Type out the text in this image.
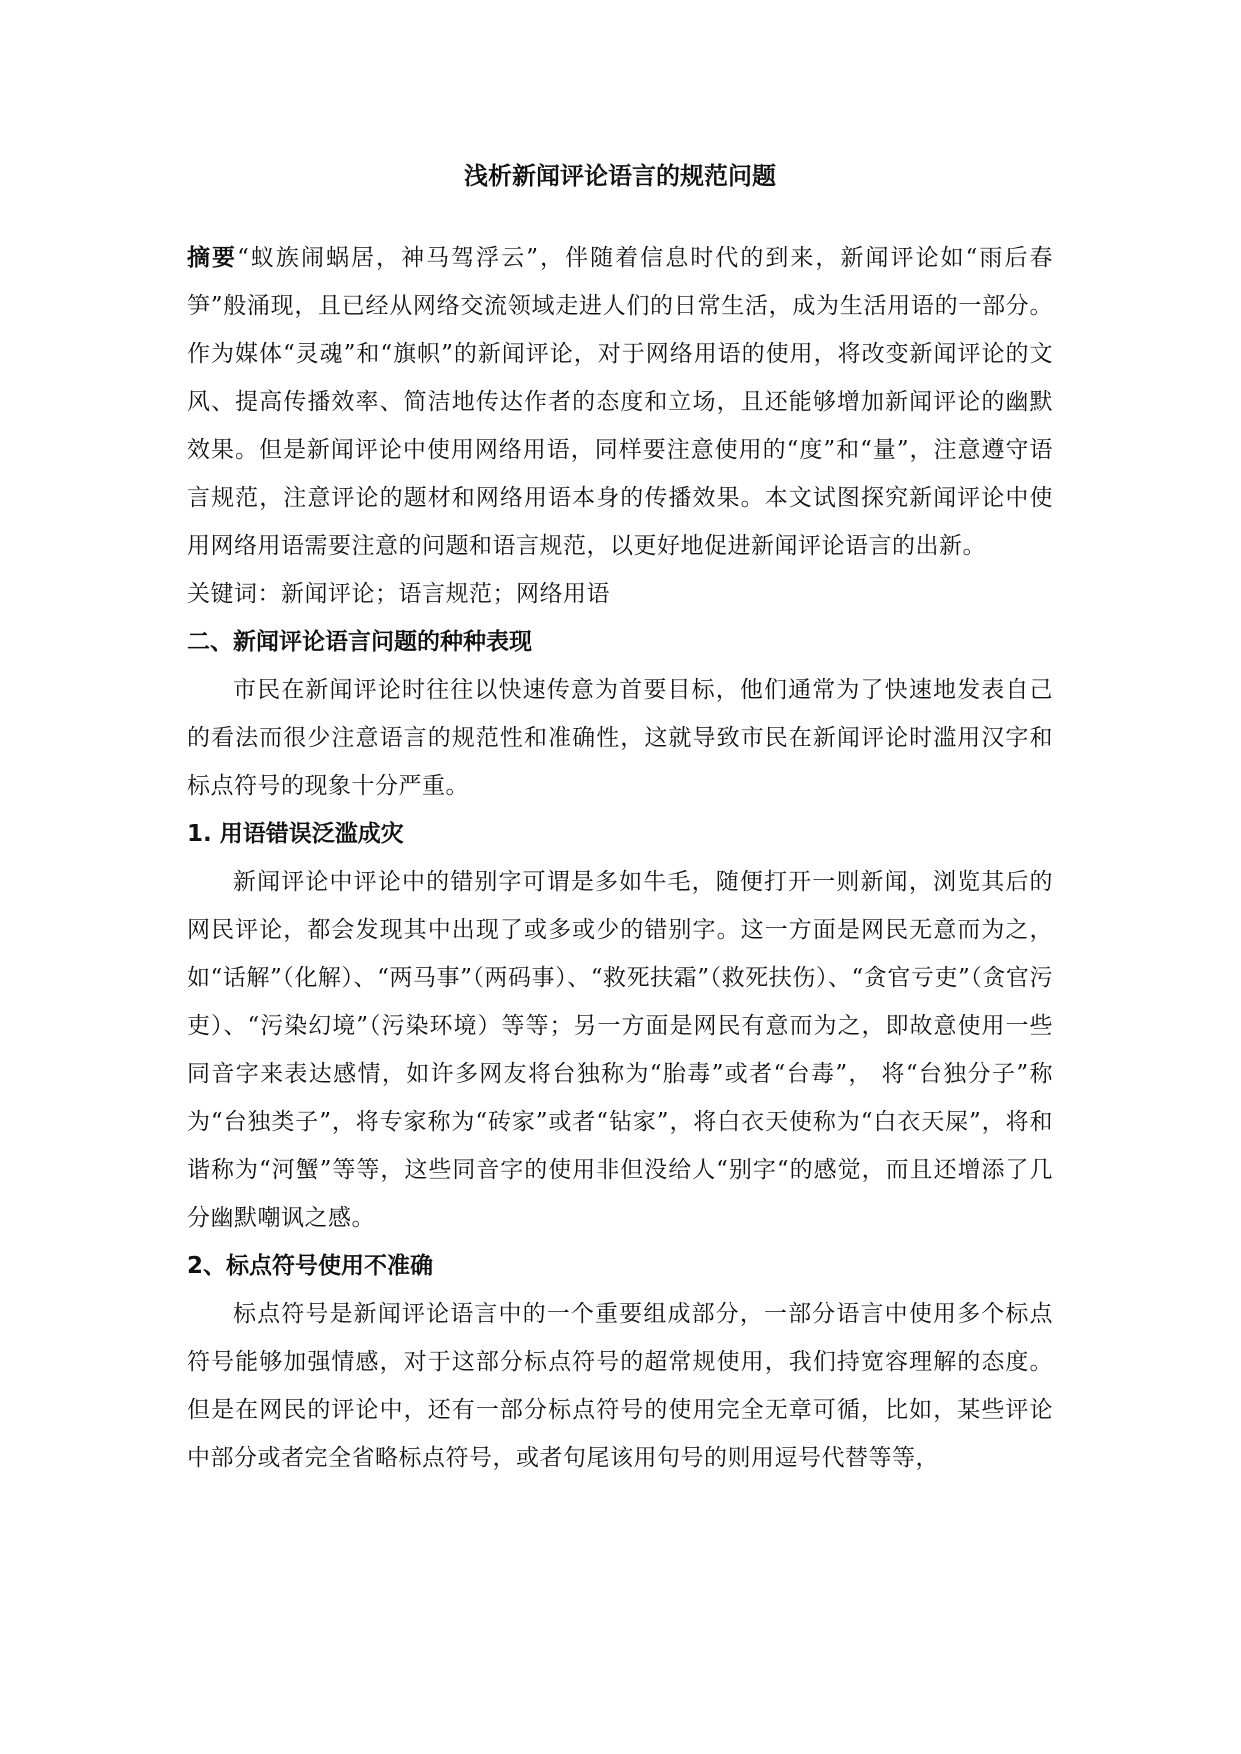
浅析新闻评论语言的规范问题

摘要“蚁族闹蜗居，神马驾浮云”，伴随着信息时代的到来，新闻评论如“雨后春笋”般涌现，且已经从网络交流领域走进人们的日常生活，成为生活用语的一部分。作为媒体“灵魂”和“旗帜”的新闻评论，对于网络用语的使用，将改变新闻评论的文风、提高传播效率、简洁地传达作者的态度和立场，且还能够增加新闻评论的幽默效果。但是新闻评论中使用网络用语，同样要注意使用的“度”和“量”，注意遵守语言规范，注意评论的题材和网络用语本身的传播效果。本文试图探究新闻评论中使用网络用语需要注意的问题和语言规范，以更好地促进新闻评论语言的出新。

关键词：新闻评论；语言规范；网络用语

二、新闻评论语言问题的种种表现

市民在新闻评论时往往以快速传意为首要目标，他们通常为了快速地发表自己的看法而很少注意语言的规范性和准确性，这就导致市民在新闻评论时滥用汉字和标点符号的现象十分严重。

1. 用语错误泛滥成灾

新闻评论中评论中的错别字可谓是多如牛毛，随便打开一则新闻，浏览其后的网民评论，都会发现其中出现了或多或少的错别字。这一方面是网民无意而为之，如“话解”（化解）、“两马事”（两码事）、“救死扶霜”（救死扶伤）、“贪官亏吏”（贪官污吏）、“污染幻境”（污染环境）等等；另一方面是网民有意而为之，即故意使用一些同音字来表达感情，如许多网友将台独称为“胎毒”或者“台毒”， 将“台独分子”称为“台独类子”，将专家称为“砖家”或者“钻家”，将白衣天使称为“白衣天屎”，将和谐称为“河蟹”等等，这些同音字的使用非但没给人“别字“的感觉，而且还增添了几分幽默嘲讽之感。

2、标点符号使用不准确

标点符号是新闻评论语言中的一个重要组成部分，一部分语言中使用多个标点符号能够加强情感，对于这部分标点符号的超常规使用，我们持宽容理解的态度。但是在网民的评论中，还有一部分标点符号的使用完全无章可循，比如，某些评论中部分或者完全省略标点符号，或者句尾该用句号的则用逗号代替等等，
